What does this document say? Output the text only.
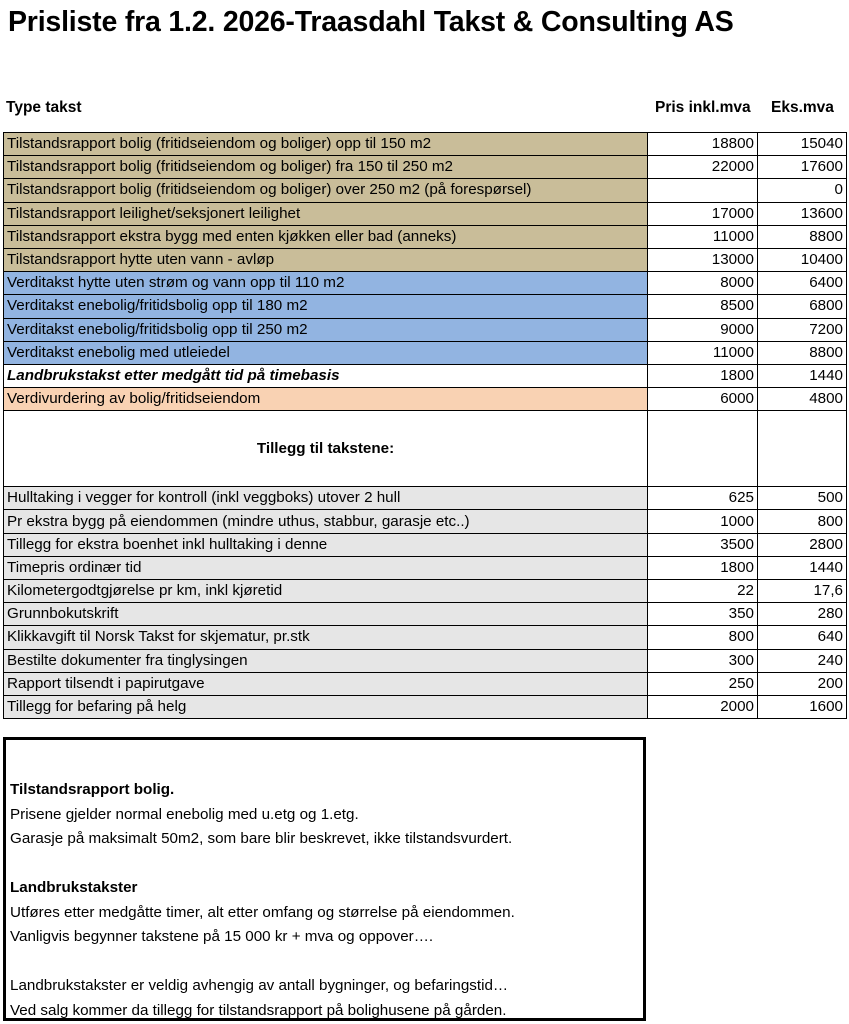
Prisliste fra 1.2. 2026-Traasdahl Takst & Consulting AS
Type takst	Pris inkl.mva Eks.mva
Tilstandsrapport bolig (fritidseiendom og boliger) opp til 150 m2	18800	15040
Tilstandsrapport bolig (fritidseiendom og boliger) fra 150 til 250 m2	22000	17600
Tilstandsrapport bolig (fritidseiendom og boliger) over 250 m2 (på forespørsel)		0
Tilstandsrapport leilighet/seksjonert leilighet	17000	13600
Tilstandsrapport ekstra bygg med enten kjøkken eller bad (anneks)	11000	8800
Tilstandsrapport hytte uten vann - avløp	13000	10400
Verditakst hytte uten strøm og vann opp til 110 m2	8000	6400
Verditakst enebolig/fritidsbolig opp til 180 m2	8500	6800
Verditakst enebolig/fritidsbolig opp til 250 m2	9000	7200
Verditakst enebolig med utleiedel	11000	8800
Landbrukstakst etter medgått tid på timebasis	1800	1440
Verdivurdering av bolig/fritidseiendom	6000	4800
Tillegg til takstene:		
Hulltaking i vegger for kontroll (inkl veggboks) utover 2 hull	625	500
Pr ekstra bygg på eiendommen (mindre uthus, stabbur, garasje etc..)	1000	800
Tillegg for ekstra boenhet inkl hulltaking i denne	3500	2800
Timepris ordinær tid	1800	1440
Kilometergodtgjørelse pr km, inkl kjøretid	22	17,6
Grunnbokutskrift	350	280
Klikkavgift til Norsk Takst for skjematur, pr.stk	800	640
Bestilte dokumenter fra tinglysingen	300	240
Rapport tilsendt i papirutgave	250	200
Tillegg for befaring på helg	2000	1600
Tilstandsrapport bolig.
Prisene gjelder normal enebolig med u.etg og 1.etg.
Garasje på maksimalt 50m2, som bare blir beskrevet, ikke tilstandsvurdert.
Landbrukstakster
Utføres etter medgåtte timer, alt etter omfang og størrelse på eiendommen.
Vanligvis begynner takstene på 15 000 kr + mva og oppover….
Landbrukstakster er veldig avhengig av antall bygninger, og befaringstid…
Ved salg kommer da tillegg for tilstandsrapport på bolighusene på gården.
